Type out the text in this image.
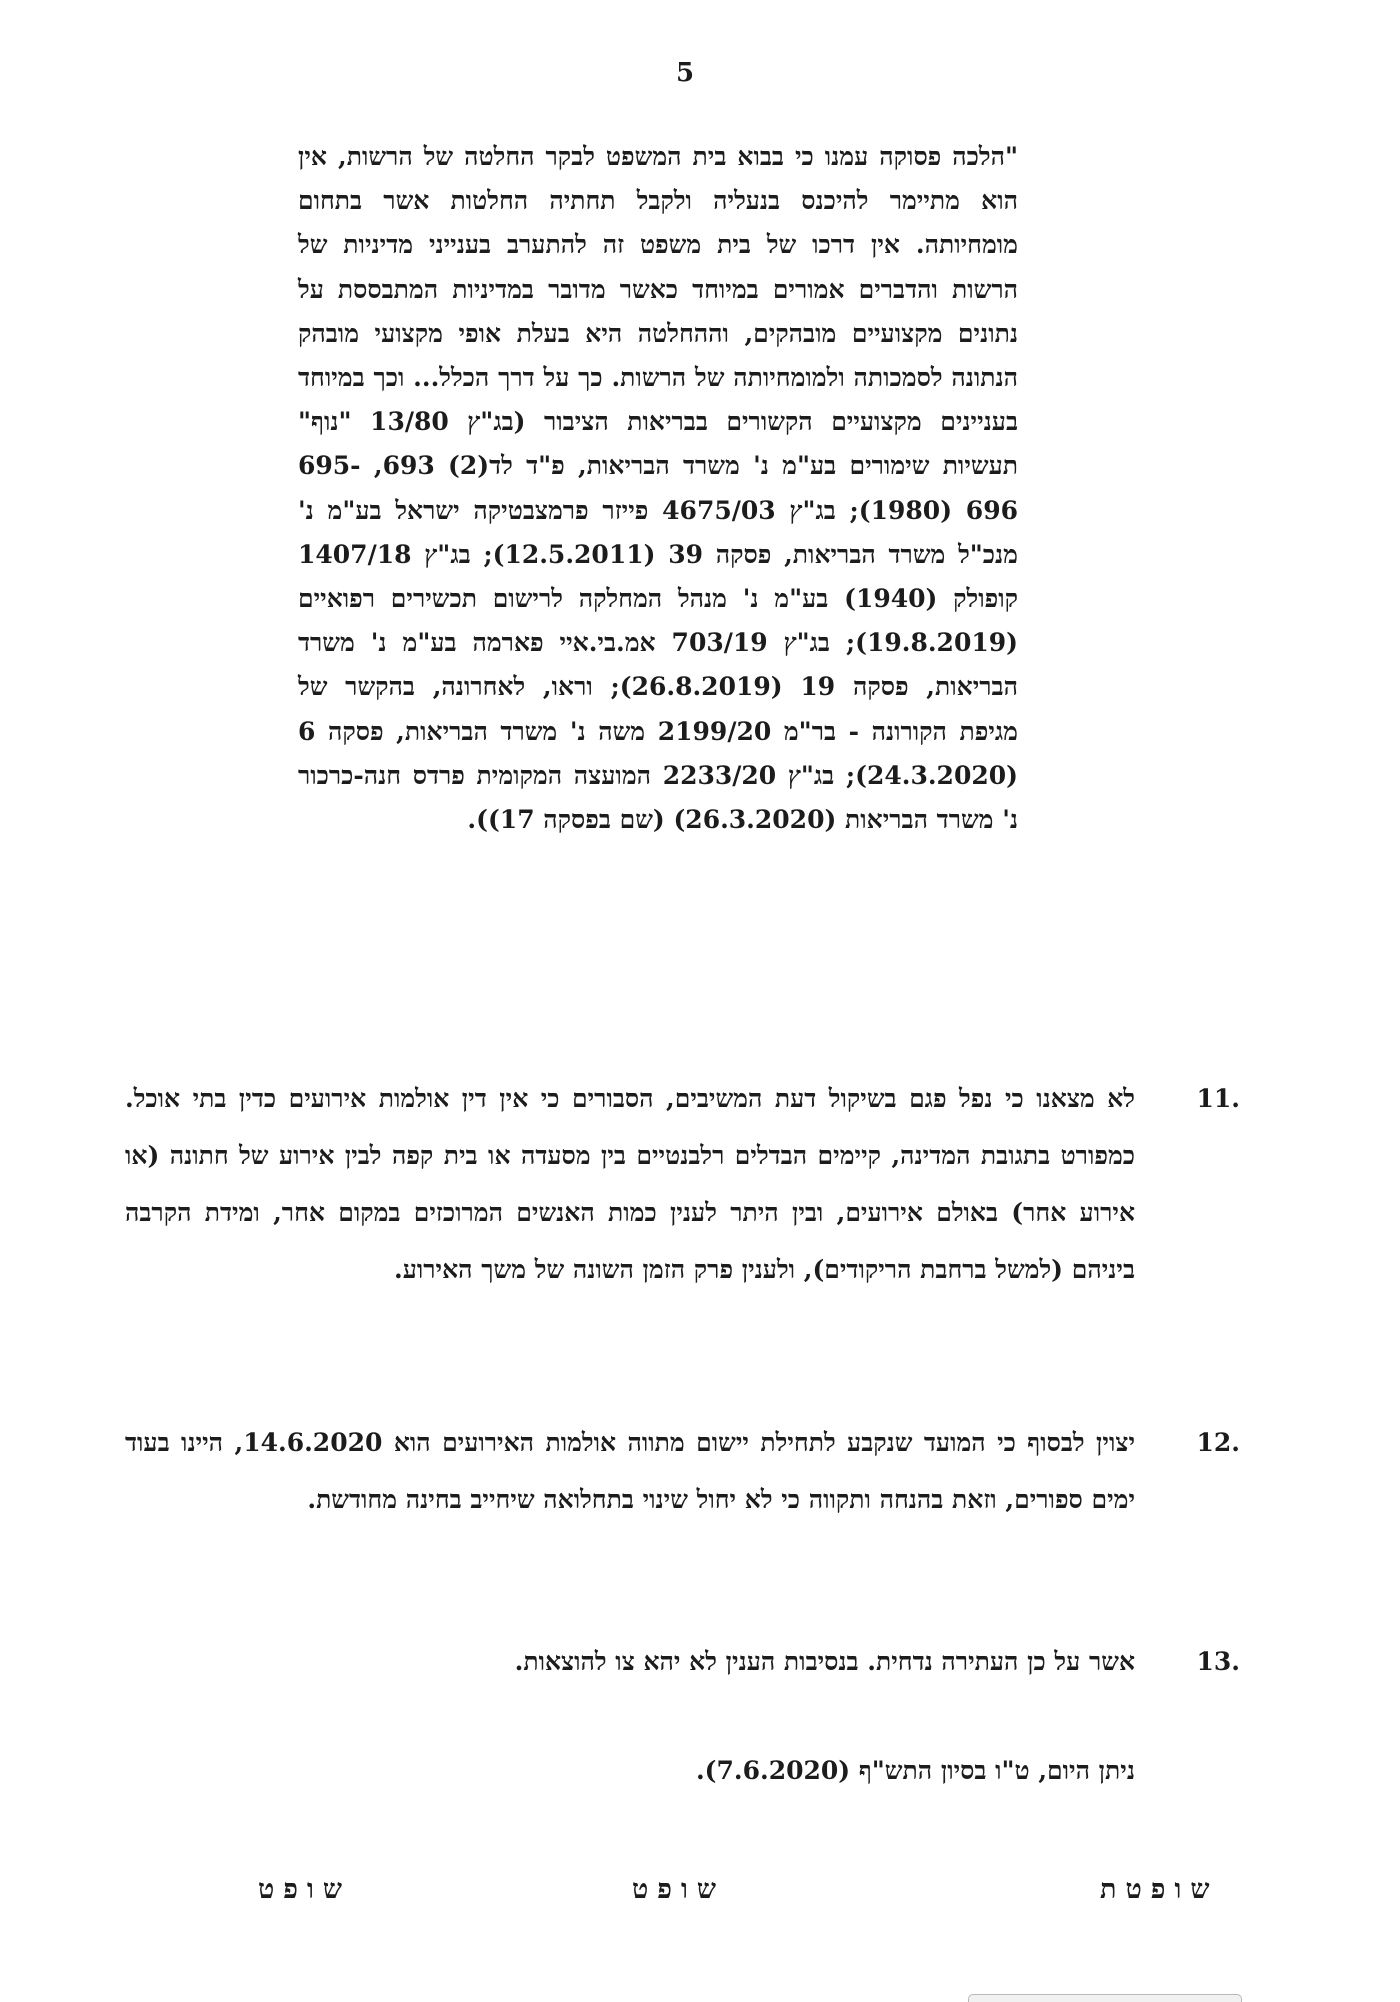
5
"הלכה פסוקה עמנו כי בבוא בית המשפט לבקר החלטה של הרשות, אין הוא מתיימר להיכנס בנעליה ולקבל תחתיה החלטות אשר בתחום מומחיותה. אין דרכו של בית משפט זה להתערב בענייני מדיניות של הרשות והדברים אמורים במיוחד כאשר מדובר במדיניות המתבססת על נתונים מקצועיים מובהקים, וההחלטה היא בעלת אופי מקצועי מובהק הנתונה לסמכותה ולמומחיותה של הרשות. כך על דרך הכלל... וכך במיוחד בעניינים מקצועיים הקשורים בבריאות הציבור (בג"ץ 13/80 "נוף" תעשיות שימורים בע"מ נ' משרד הבריאות, פ"ד לד(2) 693, 695-696 (1980); בג"ץ 4675/03 פייזר פרמצבטיקה ישראל בע"מ נ' מנכ"ל משרד הבריאות, פסקה 39 (12.5.2011); בג"ץ 1407/18 קופולק (1940) בע"מ נ' מנהל המחלקה לרישום תכשירים רפואיים (19.8.2019); בג"ץ 703/19 אמ.בי.איי פארמה בע"מ נ' משרד הבריאות, פסקה 19 (26.8.2019); וראו, לאחרונה, בהקשר של מגיפת הקורונה - בר"מ 2199/20 משה נ' משרד הבריאות, פסקה 6 (24.3.2020); בג"ץ 2233/20 המועצה המקומית פרדס חנה-כרכור נ' משרד הבריאות (26.3.2020) (שם בפסקה 17)).
.11
לא מצאנו כי נפל פגם בשיקול דעת המשיבים, הסבורים כי אין דין אולמות אירועים כדין בתי אוכל. כמפורט בתגובת המדינה, קיימים הבדלים רלבנטיים בין מסעדה או בית קפה לבין אירוע של חתונה (או אירוע אחר) באולם אירועים, ובין היתר לענין כמות האנשים המרוכזים במקום אחר, ומידת הקרבה ביניהם (למשל ברחבת הריקודים), ולענין פרק הזמן השונה של משך האירוע.
.12
יצוין לבסוף כי המועד שנקבע לתחילת יישום מתווה אולמות האירועים הוא 14.6.2020, היינו בעוד ימים ספורים, וזאת בהנחה ותקווה כי לא יחול שינוי בתחלואה שיחייב בחינה מחודשת.
.13
אשר על כן העתירה נדחית. בנסיבות הענין לא יהא צו להוצאות.
ניתן היום, ט"ו בסיון התש"ף (7.6.2020).
שופטת
שופט
שופט
